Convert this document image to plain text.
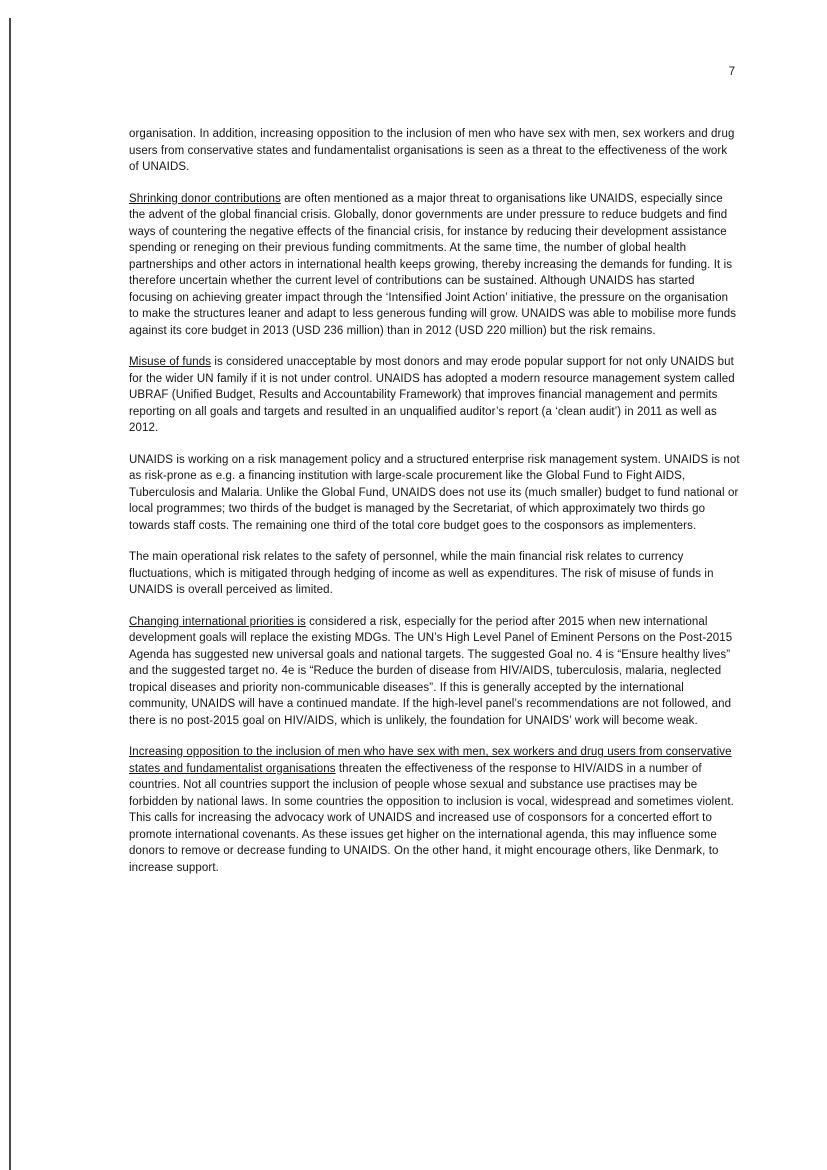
7

organisation. In addition, increasing opposition to the inclusion of men who have sex with men, sex workers and drug users from conservative states and fundamentalist organisations is seen as a threat to the effectiveness of the work of UNAIDS.

Shrinking donor contributions are often mentioned as a major threat to organisations like UNAIDS, especially since the advent of the global financial crisis. Globally, donor governments are under pressure to reduce budgets and find ways of countering the negative effects of the financial crisis, for instance by reducing their development assistance spending or reneging on their previous funding commitments. At the same time, the number of global health partnerships and other actors in international health keeps growing, thereby increasing the demands for funding. It is therefore uncertain whether the current level of contributions can be sustained. Although UNAIDS has started focusing on achieving greater impact through the ‘Intensified Joint Action’ initiative, the pressure on the organisation to make the structures leaner and adapt to less generous funding will grow. UNAIDS was able to mobilise more funds against its core budget in 2013 (USD 236 million) than in 2012 (USD 220 million) but the risk remains.

Misuse of funds is considered unacceptable by most donors and may erode popular support for not only UNAIDS but for the wider UN family if it is not under control. UNAIDS has adopted a modern resource management system called UBRAF (Unified Budget, Results and Accountability Framework) that improves financial management and permits reporting on all goals and targets and resulted in an unqualified auditor’s report (a ‘clean audit’) in 2011 as well as 2012.

UNAIDS is working on a risk management policy and a structured enterprise risk management system. UNAIDS is not as risk-prone as e.g. a financing institution with large-scale procurement like the Global Fund to Fight AIDS, Tuberculosis and Malaria. Unlike the Global Fund, UNAIDS does not use its (much smaller) budget to fund national or local programmes; two thirds of the budget is managed by the Secretariat, of which approximately two thirds go towards staff costs. The remaining one third of the total core budget goes to the cosponsors as implementers.

The main operational risk relates to the safety of personnel, while the main financial risk relates to currency fluctuations, which is mitigated through hedging of income as well as expenditures. The risk of misuse of funds in UNAIDS is overall perceived as limited.

Changing international priorities is considered a risk, especially for the period after 2015 when new international development goals will replace the existing MDGs. The UN’s High Level Panel of Eminent Persons on the Post-2015 Agenda has suggested new universal goals and national targets. The suggested Goal no. 4 is “Ensure healthy lives” and the suggested target no. 4e is “Reduce the burden of disease from HIV/AIDS, tuberculosis, malaria, neglected tropical diseases and priority non-communicable diseases”. If this is generally accepted by the international community, UNAIDS will have a continued mandate. If the high-level panel’s recommendations are not followed, and there is no post-2015 goal on HIV/AIDS, which is unlikely, the foundation for UNAIDS’ work will become weak.

Increasing opposition to the inclusion of men who have sex with men, sex workers and drug users from conservative states and fundamentalist organisations threaten the effectiveness of the response to HIV/AIDS in a number of countries. Not all countries support the inclusion of people whose sexual and substance use practises may be forbidden by national laws. In some countries the opposition to inclusion is vocal, widespread and sometimes violent. This calls for increasing the advocacy work of UNAIDS and increased use of cosponsors for a concerted effort to promote international covenants. As these issues get higher on the international agenda, this may influence some donors to remove or decrease funding to UNAIDS. On the other hand, it might encourage others, like Denmark, to increase support.
